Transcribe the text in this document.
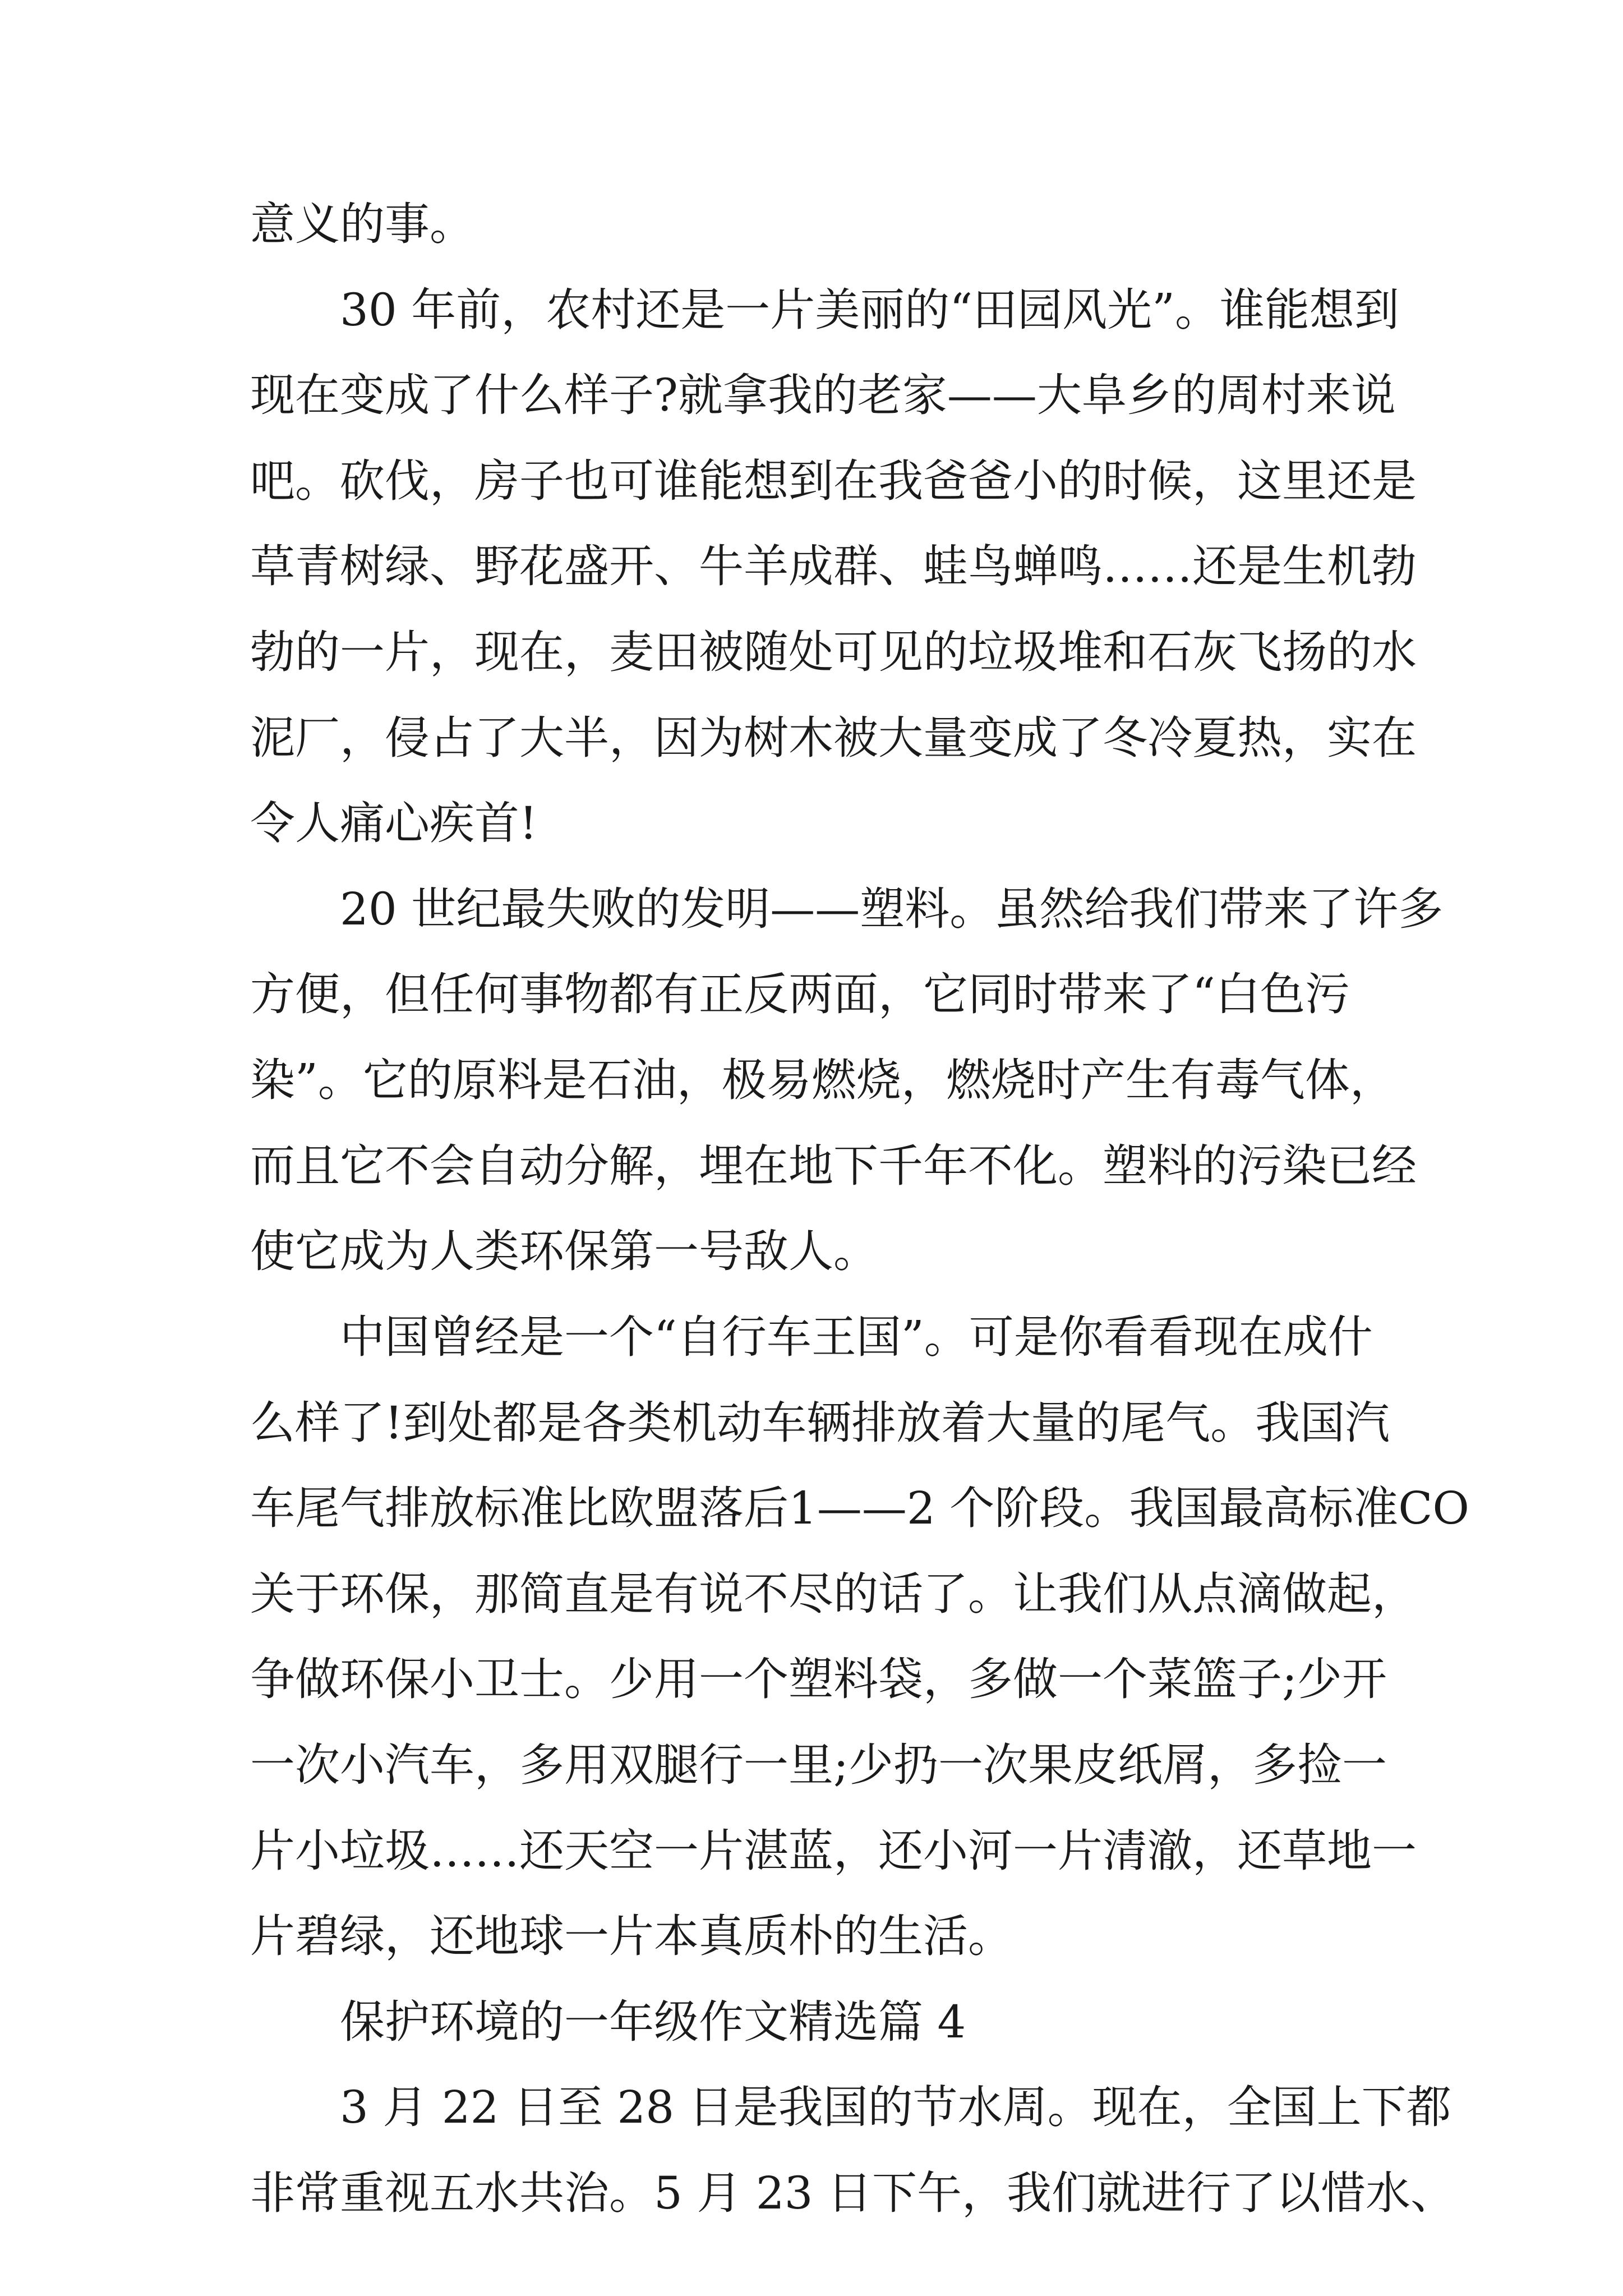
意义的事。
30 年前，农村还是一片美丽的“田园风光”。谁能想到
现在变成了什么样子?就拿我的老家——大阜乡的周村来说
吧。砍伐，房子也可谁能想到在我爸爸小的时候，这里还是
草青树绿、野花盛开、牛羊成群、蛙鸟蝉鸣……还是生机勃
勃的一片，现在，麦田被随处可见的垃圾堆和石灰飞扬的水
泥厂，侵占了大半，因为树木被大量变成了冬冷夏热，实在
令人痛心疾首!
20 世纪最失败的发明——塑料。虽然给我们带来了许多
方便，但任何事物都有正反两面，它同时带来了“白色污
染”。它的原料是石油，极易燃烧，燃烧时产生有毒气体，
而且它不会自动分解，埋在地下千年不化。塑料的污染已经
使它成为人类环保第一号敌人。
中国曾经是一个“自行车王国”。可是你看看现在成什
么样了!到处都是各类机动车辆排放着大量的尾气。我国汽
车尾气排放标准比欧盟落后1——2 个阶段。我国最高标准CO
关于环保，那简直是有说不尽的话了。让我们从点滴做起，
争做环保小卫士。少用一个塑料袋，多做一个菜篮子;少开
一次小汽车，多用双腿行一里;少扔一次果皮纸屑，多捡一
片小垃圾……还天空一片湛蓝，还小河一片清澈，还草地一
片碧绿，还地球一片本真质朴的生活。
保护环境的一年级作文精选篇 4
3 月 22 日至 28 日是我国的节水周。现在，全国上下都
非常重视五水共治。5 月 23 日下午，我们就进行了以惜水、
